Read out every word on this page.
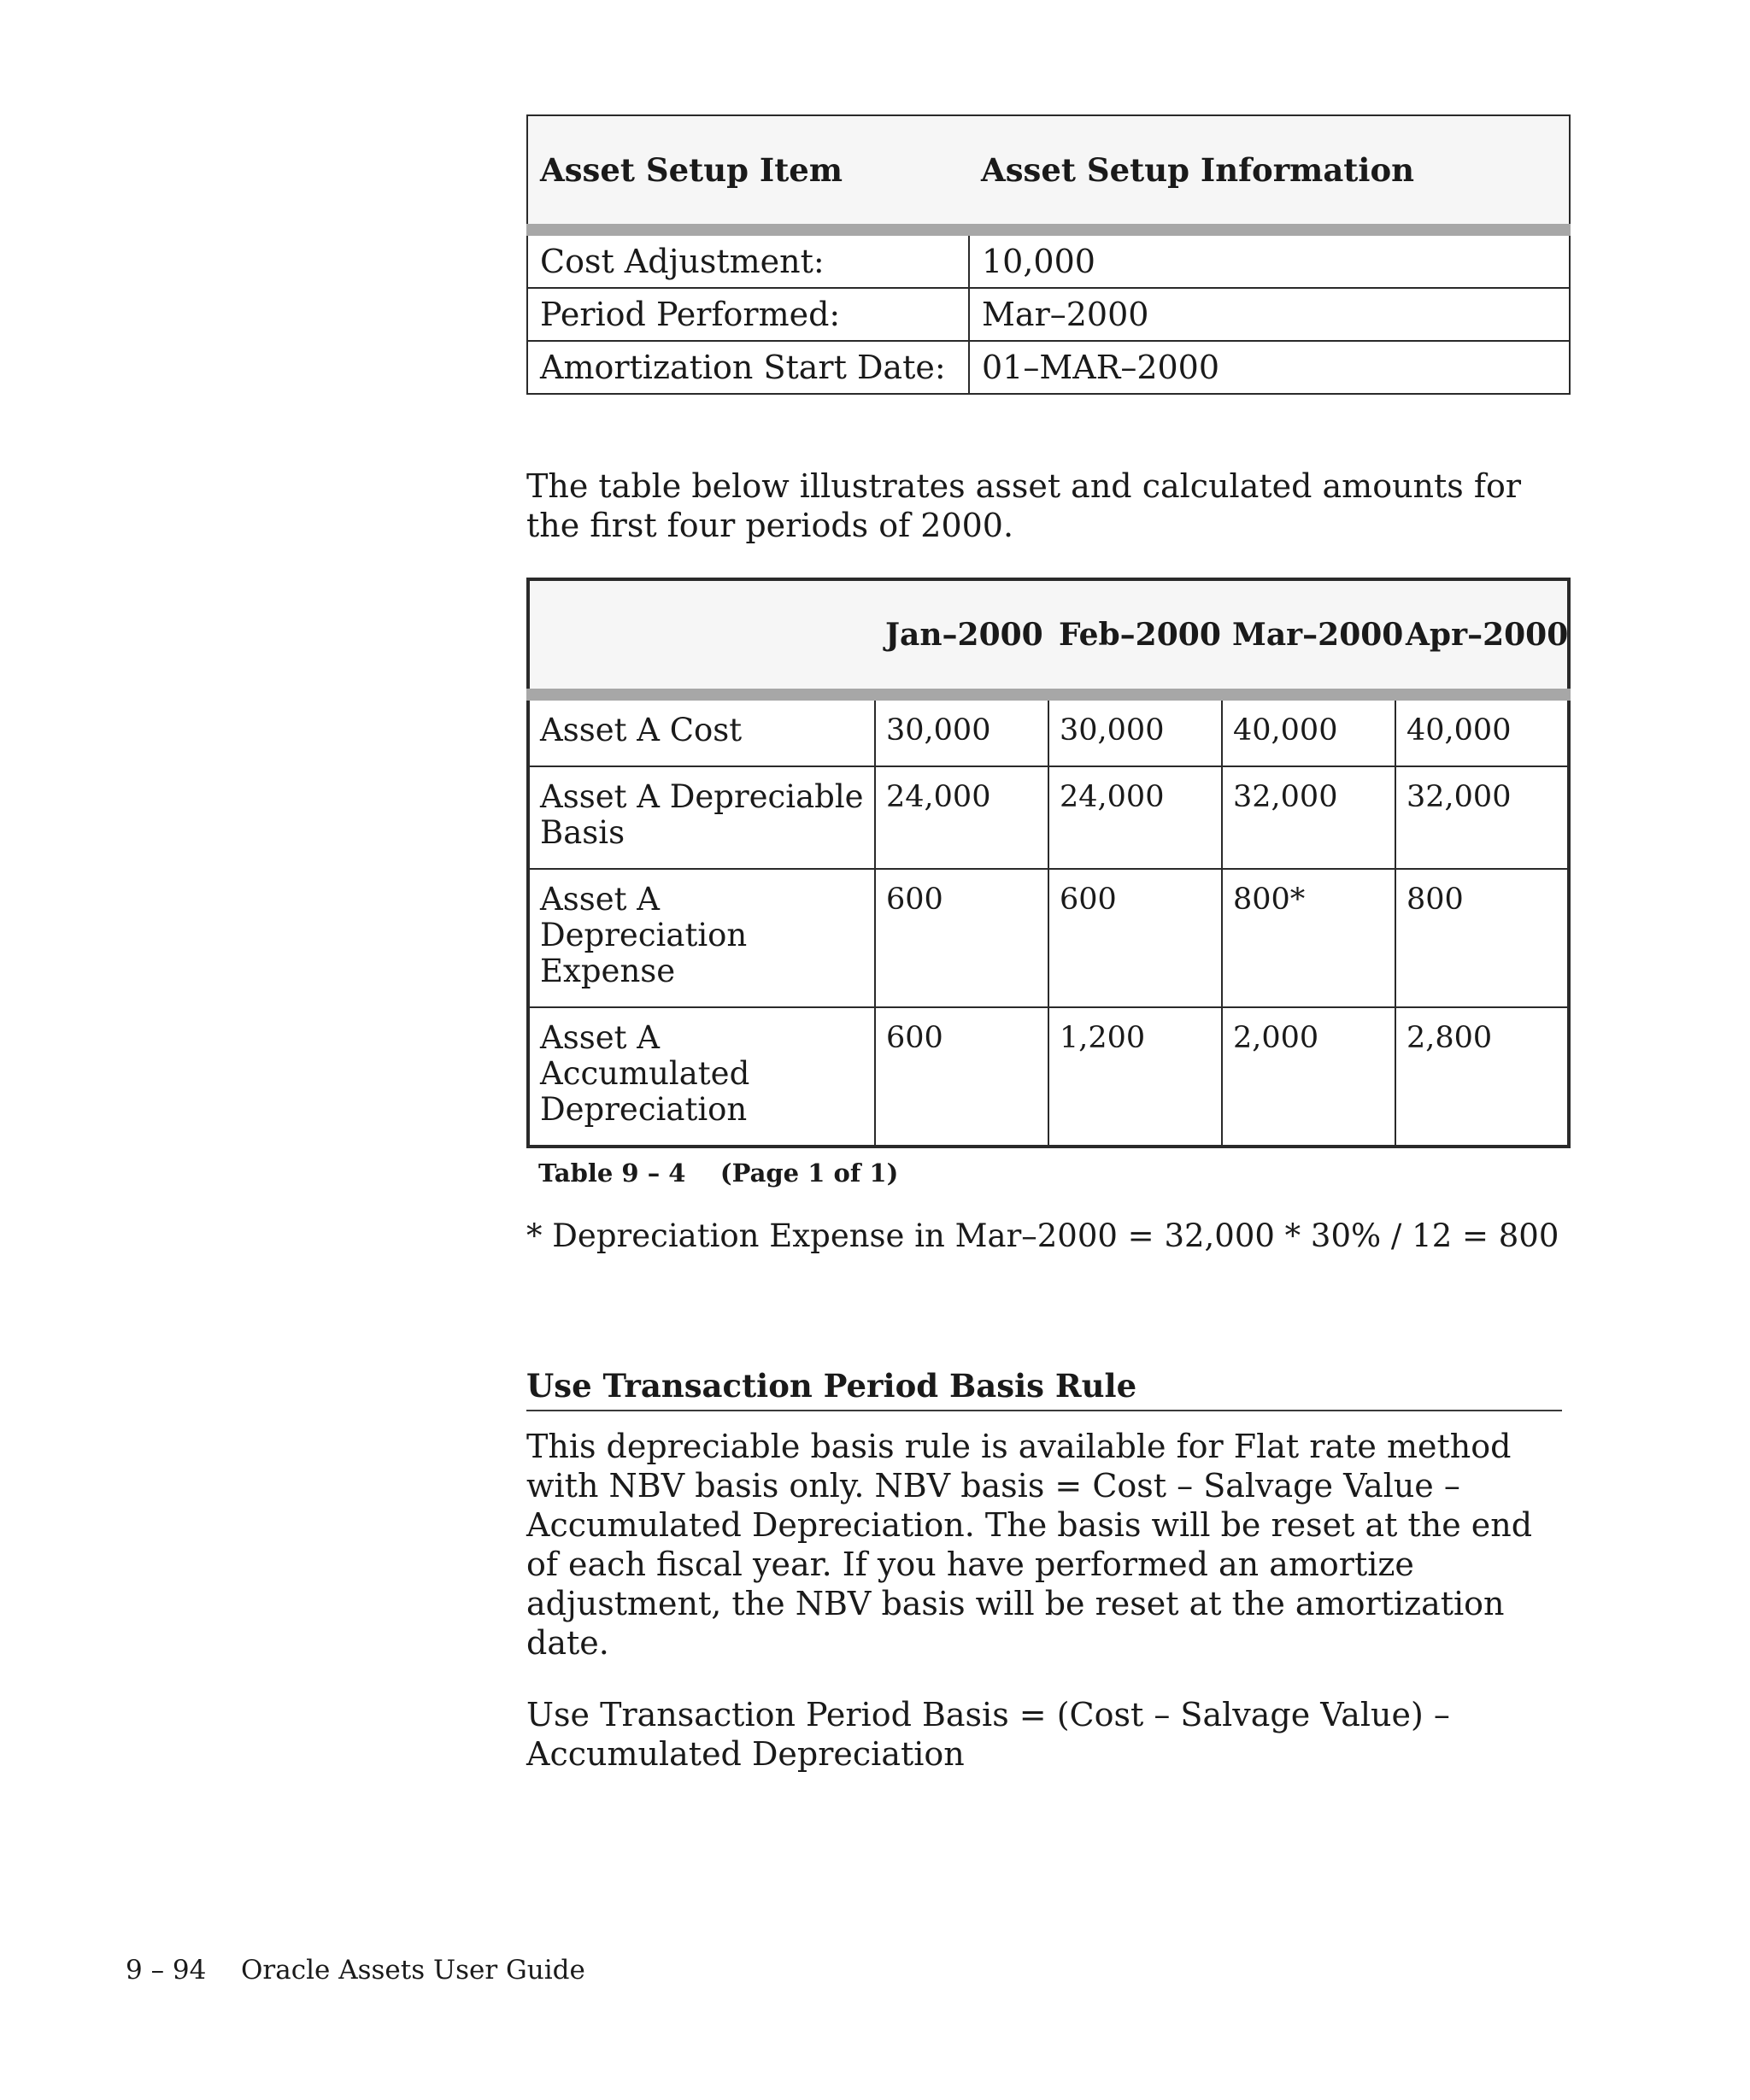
Asset Setup Item	Asset Setup Information
Cost Adjustment:	10,000
Period Performed:	Mar–2000
Amortization Start Date:	01–MAR–2000

The table below illustrates asset and calculated amounts for the first four periods of 2000.

	Jan–2000	Feb–2000	Mar–2000	Apr–2000
Asset A Cost	30,000	30,000	40,000	40,000
Asset A Depreciable Basis	24,000	24,000	32,000	32,000
Asset A Depreciation Expense	600	600	800*	800
Asset A Accumulated Depreciation	600	1,200	2,000	2,800
Table 9 – 4    (Page 1 of 1)

* Depreciation Expense in Mar–2000 = 32,000 * 30% / 12 = 800

Use Transaction Period Basis Rule

This depreciable basis rule is available for Flat rate method with NBV basis only. NBV basis = Cost – Salvage Value – Accumulated Depreciation. The basis will be reset at the end of each fiscal year. If you have performed an amortize adjustment, the NBV basis will be reset at the amortization date.

Use Transaction Period Basis = (Cost – Salvage Value) – Accumulated Depreciation

9 – 94 Oracle Assets User Guide
